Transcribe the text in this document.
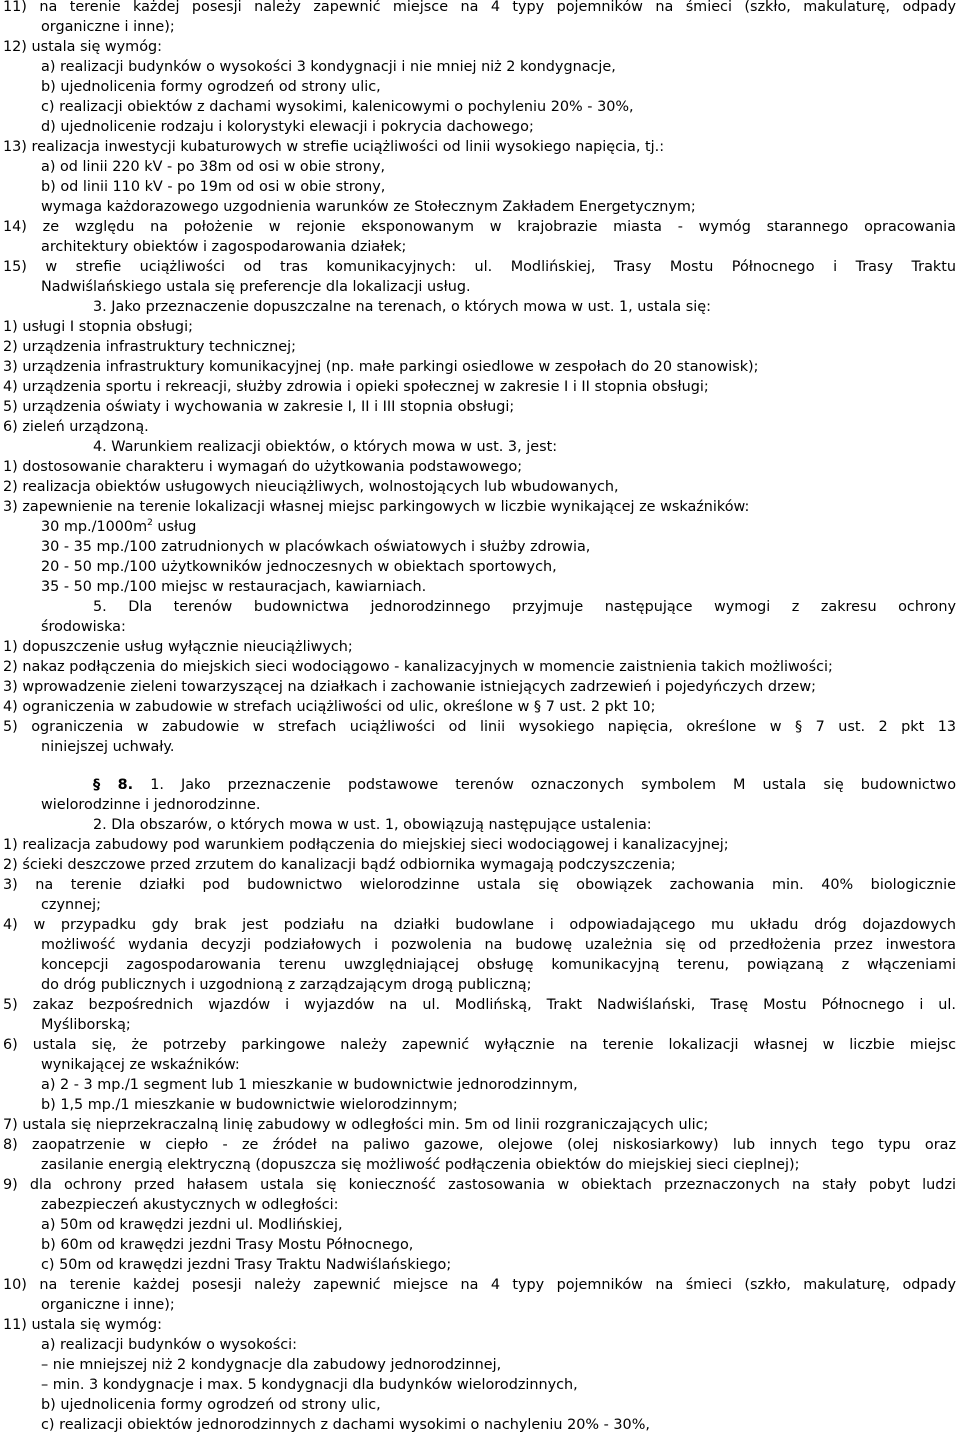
11) na terenie każdej posesji należy zapewnić miejsce na 4 typy pojemników na śmieci (szkło, makulaturę, odpady
organiczne i inne);
12) ustala się wymóg:
a) realizacji budynków o wysokości 3 kondygnacji i nie mniej niż 2 kondygnacje,
b) ujednolicenia formy ogrodzeń od strony ulic,
c) realizacji obiektów z dachami wysokimi, kalenicowymi o pochyleniu 20% - 30%,
d) ujednolicenie rodzaju i kolorystyki elewacji i pokrycia dachowego;
13) realizacja inwestycji kubaturowych w strefie uciążliwości od linii wysokiego napięcia, tj.:
a) od linii 220 kV - po 38m od osi w obie strony,
b) od linii 110 kV - po 19m od osi w obie strony,
wymaga każdorazowego uzgodnienia warunków ze Stołecznym Zakładem Energetycznym;
14) ze względu na położenie w rejonie eksponowanym w krajobrazie miasta - wymóg starannego opracowania
architektury obiektów i zagospodarowania działek;
15) w strefie uciążliwości od tras komunikacyjnych: ul. Modlińskiej, Trasy Mostu Północnego i Trasy Traktu
Nadwiślańskiego ustala się preferencje dla lokalizacji usług.
3. Jako przeznaczenie dopuszczalne na terenach, o których mowa w ust. 1, ustala się:
1) usługi I stopnia obsługi;
2) urządzenia infrastruktury technicznej;
3) urządzenia infrastruktury komunikacyjnej (np. małe parkingi osiedlowe w zespołach do 20 stanowisk);
4) urządzenia sportu i rekreacji, służby zdrowia i opieki społecznej w zakresie I i II stopnia obsługi;
5) urządzenia oświaty i wychowania w zakresie I, II i III stopnia obsługi;
6) zieleń urządzoną.
4. Warunkiem realizacji obiektów, o których mowa w ust. 3, jest:
1) dostosowanie charakteru i wymagań do użytkowania podstawowego;
2) realizacja obiektów usługowych nieuciążliwych, wolnostojących lub wbudowanych,
3) zapewnienie na terenie lokalizacji własnej miejsc parkingowych w liczbie wynikającej ze wskaźników:
30 $mp./1000m^2$ usług
30 - 35 mp./100 zatrudnionych w placówkach oświatowych i służby zdrowia,
20 - 50 mp./100 użytkowników jednoczesnych w obiektach sportowych,
35 - 50 mp./100 miejsc w restauracjach, kawiarniach.
5. Dla terenów budownictwa jednorodzinnego przyjmuje następujące wymogi z zakresu ochrony
środowiska:
1) dopuszczenie usług wyłącznie nieuciążliwych;
2) nakaz podłączenia do miejskich sieci wodociągowo - kanalizacyjnych w momencie zaistnienia takich możliwości;
3) wprowadzenie zieleni towarzyszącej na działkach i zachowanie istniejących zadrzewień i pojedyńczych drzew;
4) ograniczenia w zabudowie w strefach uciążliwości od ulic, określone w § 7 ust. 2 pkt 10;
5) ograniczenia w zabudowie w strefach uciążliwości od linii wysokiego napięcia, określone w § 7 ust. 2 pkt 13
niniejszej uchwały.
§ 8. 1. Jako przeznaczenie podstawowe terenów oznaczonych symbolem M ustala się budownictwo
wielorodzinne i jednorodzinne.
2. Dla obszarów, o których mowa w ust. 1, obowiązują następujące ustalenia:
1) realizacja zabudowy pod warunkiem podłączenia do miejskiej sieci wodociągowej i kanalizacyjnej;
2) ścieki deszczowe przed zrzutem do kanalizacji bądź odbiornika wymagają podczyszczenia;
3) na terenie działki pod budownictwo wielorodzinne ustala się obowiązek zachowania min. 40% biologicznie
czynnej;
4) w przypadku gdy brak jest podziału na działki budowlane i odpowiadającego mu układu dróg dojazdowych
możliwość wydania decyzji podziałowych i pozwolenia na budowę uzależnia się od przedłożenia przez inwestora
koncepcji zagospodarowania terenu uwzględniającej obsługę komunikacyjną terenu, powiązaną z włączeniami
do dróg publicznych i uzgodnioną z zarządzającym drogą publiczną;
5) zakaz bezpośrednich wjazdów i wyjazdów na ul. Modlińską, Trakt Nadwiślański, Trasę Mostu Północnego i ul.
Myśliborską;
6) ustala się, że potrzeby parkingowe należy zapewnić wyłącznie na terenie lokalizacji własnej w liczbie miejsc
wynikającej ze wskaźników:
a) 2 - 3 mp./1 segment lub 1 mieszkanie w budownictwie jednorodzinnym,
b) 1,5 mp./1 mieszkanie w budownictwie wielorodzinnym;
7) ustala się nieprzekraczalną linię zabudowy w odległości min. 5m od linii rozgraniczających ulic;
8) zaopatrzenie w ciepło - ze źródeł na paliwo gazowe, olejowe (olej niskosiarkowy) lub innych tego typu oraz
zasilanie energią elektryczną (dopuszcza się możliwość podłączenia obiektów do miejskiej sieci cieplnej);
9) dla ochrony przed hałasem ustala się konieczność zastosowania w obiektach przeznaczonych na stały pobyt ludzi
zabezpieczeń akustycznych w odległości:
a) 50m od krawędzi jezdni ul. Modlińskiej,
b) 60m od krawędzi jezdni Trasy Mostu Północnego,
c) 50m od krawędzi jezdni Trasy Traktu Nadwiślańskiego;
10) na terenie każdej posesji należy zapewnić miejsce na 4 typy pojemników na śmieci (szkło, makulaturę, odpady
organiczne i inne);
11) ustala się wymóg:
a) realizacji budynków o wysokości:
– nie mniejszej niż 2 kondygnacje dla zabudowy jednorodzinnej,
– min. 3 kondygnacje i max. 5 kondygnacji dla budynków wielorodzinnych,
b) ujednolicenia formy ogrodzeń od strony ulic,
c) realizacji obiektów jednorodzinnych z dachami wysokimi o nachyleniu 20% - 30%,
